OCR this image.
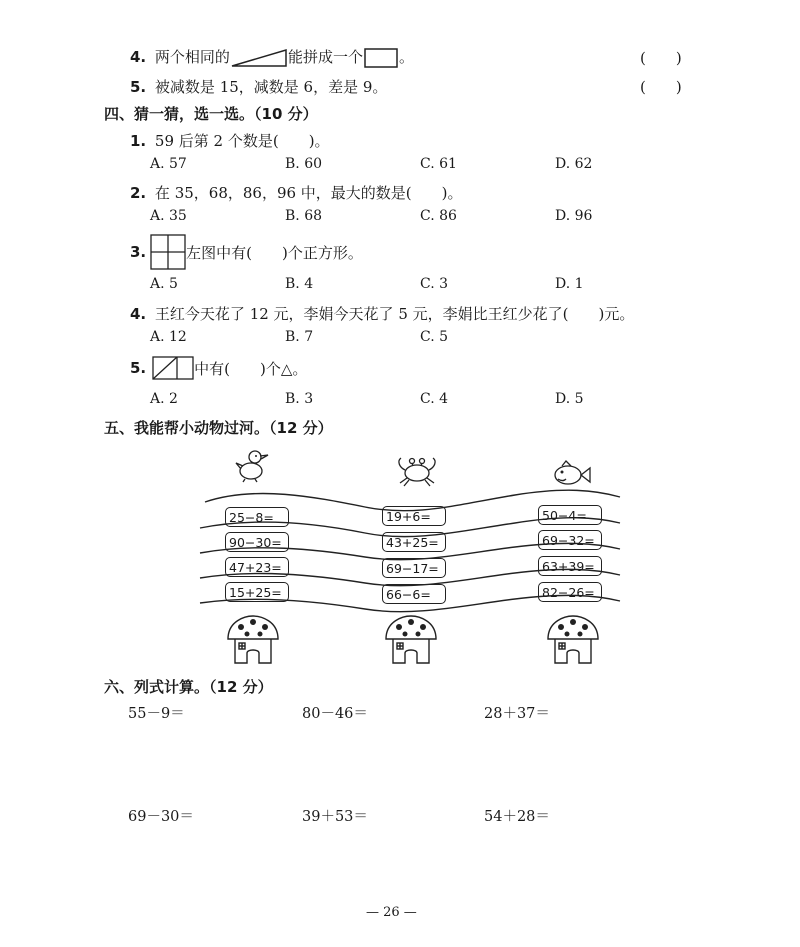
4. 两个相同的	能拼成一个 。	(　　)
5. 被减数是 15，减数是 6，差是 9。	(　　)
四、猜一猜，选一选。（10 分）
1. 59 后第 2 个数是(　　)。
A. 57	B. 60	C. 61	D. 62
2. 在 35，68，86，96 中，最大的数是(　　)。
A. 35	B. 68	C. 86	D. 96
3.	左图中有(　　)个正方形。
A. 5	B. 4	C. 3	D. 1
4. 王红今天花了 12 元，李娟今天花了 5 元，李娟比王红少花了(　　)元。
A. 12	B. 7	C. 5
5.	中有(　　)个△。
A. 2	B. 3	C. 4	D. 5
五、我能帮小动物过河。（12 分）
25−8=
90−30=
47+23=
15+25=
19+6=
43+25=
69−17=
66−6=
50−4=
69−32=
63+39=
82−26=
六、列式计算。（12 分）
55－9＝	80－46＝	28＋37＝
69－30＝	39＋53＝	54＋28＝
— 26 —
